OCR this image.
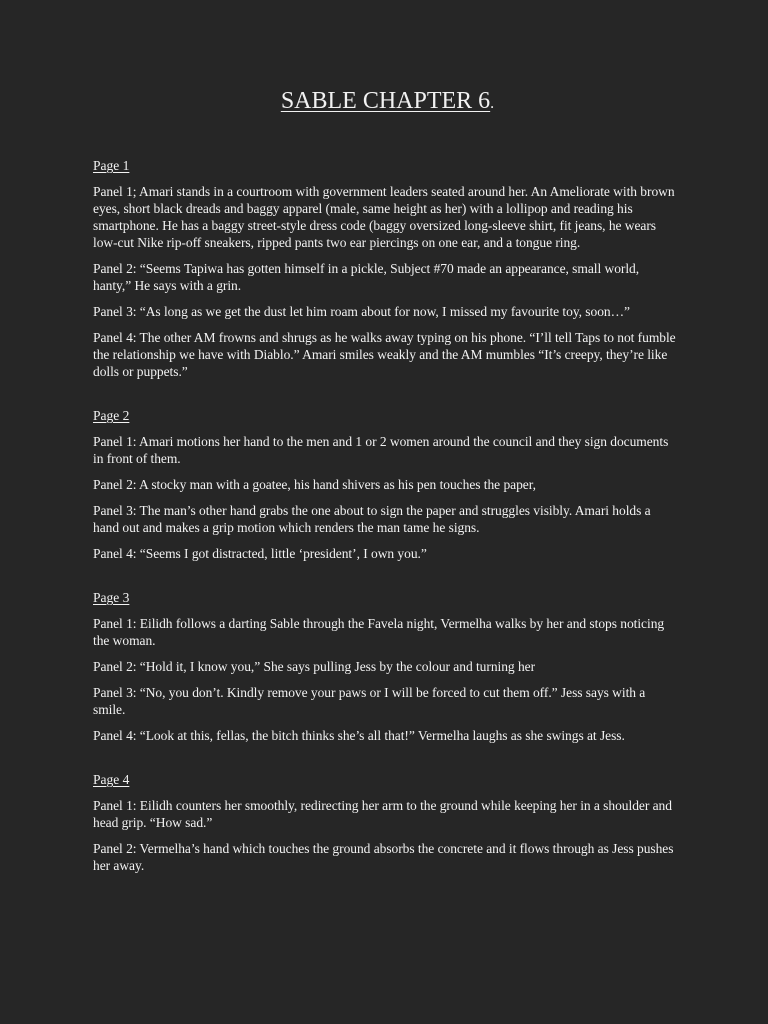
SABLE CHAPTER 6.
Page 1

Panel 1; Amari stands in a courtroom with government leaders seated around her. An Ameliorate with brown eyes, short black dreads and baggy apparel (male, same height as her) with a lollipop and reading his smartphone. He has a baggy street-style dress code (baggy oversized long-sleeve shirt, fit jeans, he wears low-cut Nike rip-off sneakers, ripped pants two ear piercings on one ear, and a tongue ring.

Panel 2: “Seems Tapiwa has gotten himself in a pickle, Subject #70 made an appearance, small world, hanty,” He says with a grin.

Panel 3: “As long as we get the dust let him roam about for now, I missed my favourite toy, soon…”

Panel 4: The other AM frowns and shrugs as he walks away typing on his phone. “I’ll tell Taps to not fumble the relationship we have with Diablo.” Amari smiles weakly and the AM mumbles “It’s creepy, they’re like dolls or puppets.”

Page 2

Panel 1: Amari motions her hand to the men and 1 or 2 women around the council and they sign documents in front of them.

Panel 2: A stocky man with a goatee, his hand shivers as his pen touches the paper,

Panel 3: The man’s other hand grabs the one about to sign the paper and struggles visibly. Amari holds a hand out and makes a grip motion which renders the man tame he signs.

Panel 4: “Seems I got distracted, little ‘president’, I own you.”

Page 3

Panel 1: Eilidh follows a darting Sable through the Favela night, Vermelha walks by her and stops noticing the woman.

Panel 2: “Hold it, I know you,” She says pulling Jess by the colour and turning her

Panel 3: “No, you don’t. Kindly remove your paws or I will be forced to cut them off.” Jess says with a smile.

Panel 4: “Look at this, fellas, the bitch thinks she’s all that!” Vermelha laughs as she swings at Jess.

Page 4

Panel 1: Eilidh counters her smoothly, redirecting her arm to the ground while keeping her in a shoulder and head grip. “How sad.”

Panel 2: Vermelha’s hand which touches the ground absorbs the concrete and it flows through as Jess pushes her away.
